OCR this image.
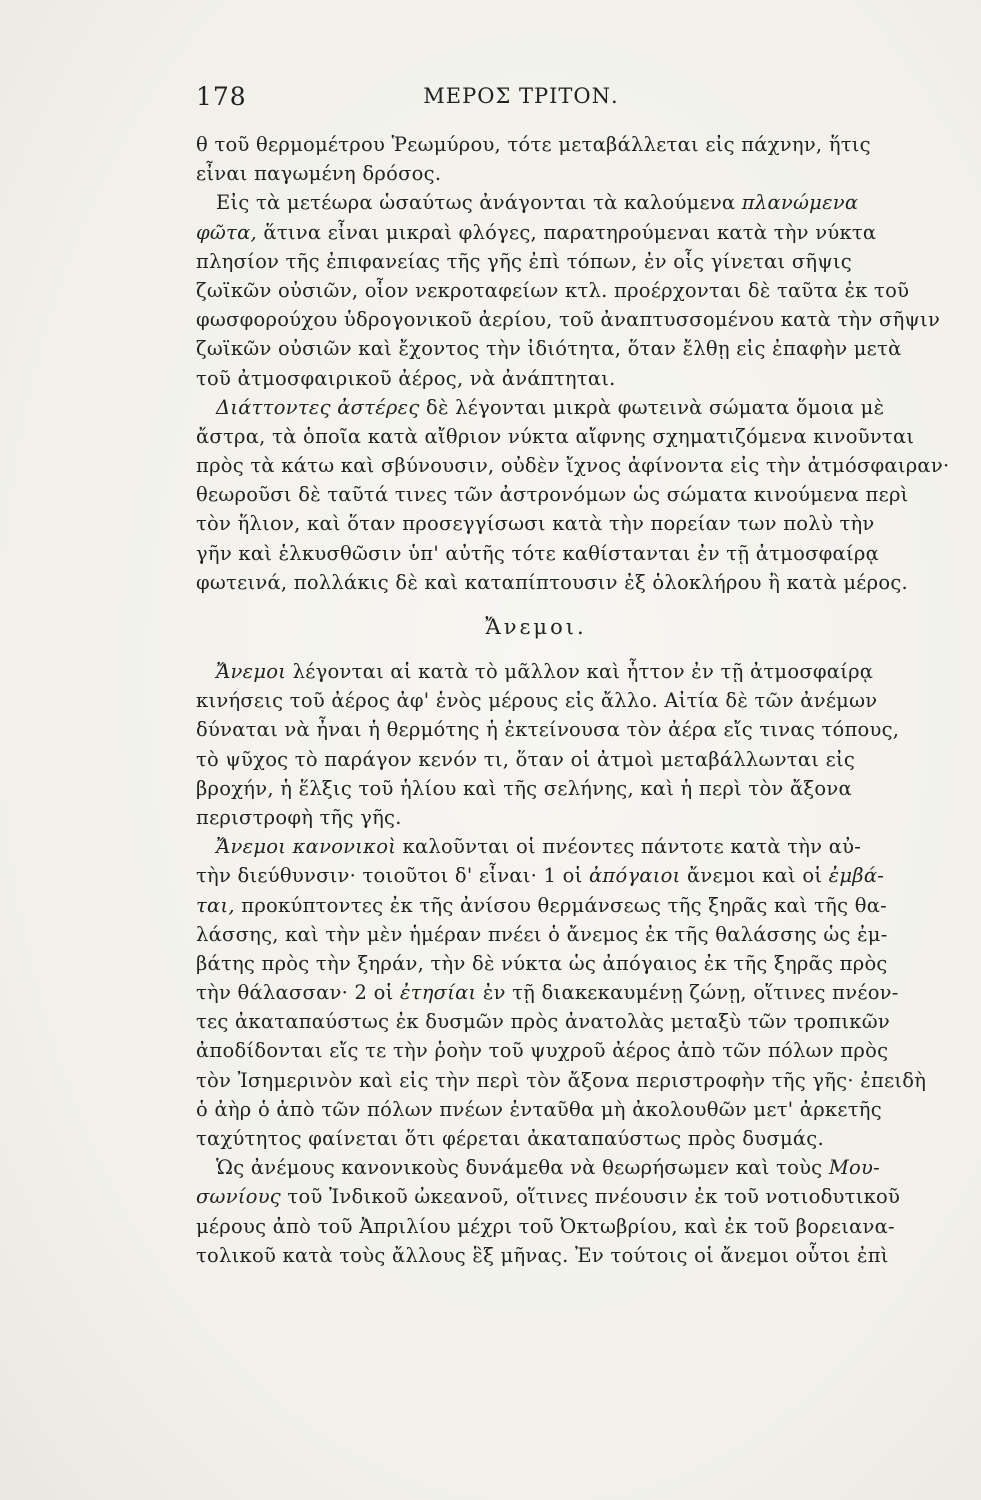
178	ΜΕΡΟΣ ΤΡΙΤΟΝ.
θ τοῦ θερμομέτρου Ῥεωμύρου, τότε μεταβάλλεται εἰς πάχνην, ἥτις
εἶναι παγωμένη δρόσος.
Εἰς τὰ μετέωρα ὡσαύτως ἀνάγονται τὰ καλούμενα πλανώμενα
φῶτα, ἅτινα εἶναι μικραὶ φλόγες, παρατηρούμεναι κατὰ τὴν νύκτα
πλησίον τῆς ἐπιφανείας τῆς γῆς ἐπὶ τόπων, ἐν οἷς γίνεται σῆψις
ζωϊκῶν οὐσιῶν, οἷον νεκροταφείων κτλ. προέρχονται δὲ ταῦτα ἐκ τοῦ
φωσφορούχου ὑδρογονικοῦ ἀερίου, τοῦ ἀναπτυσσομένου κατὰ τὴν σῆψιν
ζωϊκῶν οὐσιῶν καὶ ἔχοντος τὴν ἰδιότητα, ὅταν ἔλθῃ εἰς ἐπαφὴν μετὰ
τοῦ ἀτμοσφαιρικοῦ ἀέρος, νὰ ἀνάπτηται.
Διάττοντες ἀστέρες δὲ λέγονται μικρὰ φωτεινὰ σώματα ὅμοια μὲ
ἄστρα, τὰ ὁποῖα κατὰ αἴθριον νύκτα αἴφνης σχηματιζόμενα κινοῦνται
πρὸς τὰ κάτω καὶ σβύνουσιν, οὐδὲν ἴχνος ἀφίνοντα εἰς τὴν ἀτμόσφαιραν·
θεωροῦσι δὲ ταῦτά τινες τῶν ἀστρονόμων ὡς σώματα κινούμενα περὶ
τὸν ἥλιον, καὶ ὅταν προσεγγίσωσι κατὰ τὴν πορείαν των πολὺ τὴν
γῆν καὶ ἑλκυσθῶσιν ὑπ' αὐτῆς τότε καθίστανται ἐν τῇ ἀτμοσφαίρᾳ
φωτεινά, πολλάκις δὲ καὶ καταπίπτουσιν ἐξ ὁλοκλήρου ἢ κατὰ μέρος.
Ἄνεμοι.
Ἄνεμοι λέγονται αἱ κατὰ τὸ μᾶλλον καὶ ἧττον ἐν τῇ ἀτμοσφαίρᾳ
κινήσεις τοῦ ἀέρος ἀφ' ἑνὸς μέρους εἰς ἄλλο. Αἰτία δὲ τῶν ἀνέμων
δύναται νὰ ἦναι ἡ θερμότης ἡ ἐκτείνουσα τὸν ἀέρα εἴς τινας τόπους,
τὸ ψῦχος τὸ παράγον κενόν τι, ὅταν οἱ ἀτμοὶ μεταβάλλωνται εἰς
βροχήν, ἡ ἕλξις τοῦ ἡλίου καὶ τῆς σελήνης, καὶ ἡ περὶ τὸν ἄξονα
περιστροφὴ τῆς γῆς.
Ἄνεμοι κανονικοὶ καλοῦνται οἱ πνέοντες πάντοτε κατὰ τὴν αὐ-
τὴν διεύθυνσιν· τοιοῦτοι δ' εἶναι· 1 οἱ ἀπόγαιοι ἄνεμοι καὶ οἱ ἐμβά-
ται, προκύπτοντες ἐκ τῆς ἀνίσου θερμάνσεως τῆς ξηρᾶς καὶ τῆς θα-
λάσσης, καὶ τὴν μὲν ἡμέραν πνέει ὁ ἄνεμος ἐκ τῆς θαλάσσης ὡς ἐμ-
βάτης πρὸς τὴν ξηράν, τὴν δὲ νύκτα ὡς ἀπόγαιος ἐκ τῆς ξηρᾶς πρὸς
τὴν θάλασσαν· 2 οἱ ἐτησίαι ἐν τῇ διακεκαυμένῃ ζώνῃ, οἵτινες πνέον-
τες ἀκαταπαύστως ἐκ δυσμῶν πρὸς ἀνατολὰς μεταξὺ τῶν τροπικῶν
ἀποδίδονται εἴς τε τὴν ῥοὴν τοῦ ψυχροῦ ἀέρος ἀπὸ τῶν πόλων πρὸς
τὸν Ἰσημερινὸν καὶ εἰς τὴν περὶ τὸν ἄξονα περιστροφὴν τῆς γῆς· ἐπειδὴ
ὁ ἀὴρ ὁ ἀπὸ τῶν πόλων πνέων ἐνταῦθα μὴ ἀκολουθῶν μετ' ἀρκετῆς
ταχύτητος φαίνεται ὅτι φέρεται ἀκαταπαύστως πρὸς δυσμάς.
Ὡς ἀνέμους κανονικοὺς δυνάμεθα νὰ θεωρήσωμεν καὶ τοὺς Μου-
σωνίους τοῦ Ἰνδικοῦ ὠκεανοῦ, οἵτινες πνέουσιν ἐκ τοῦ νοτιοδυτικοῦ
μέρους ἀπὸ τοῦ Ἀπριλίου μέχρι τοῦ Ὀκτωβρίου, καὶ ἐκ τοῦ βορειανα-
τολικοῦ κατὰ τοὺς ἄλλους ἓξ μῆνας. Ἐν τούτοις οἱ ἄνεμοι οὗτοι ἐπὶ
